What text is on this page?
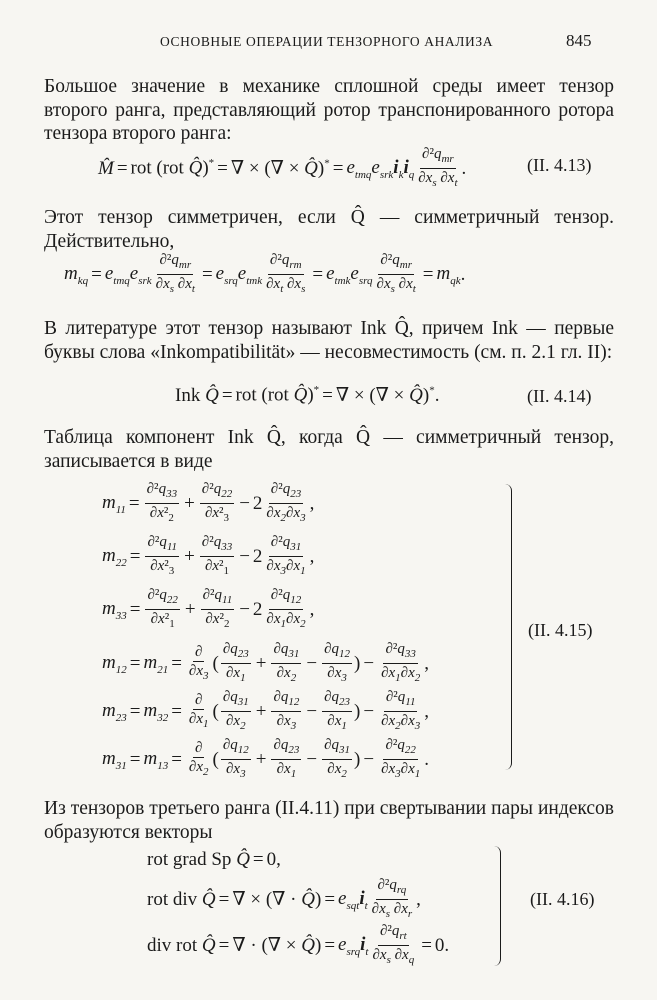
ОСНОВНЫЕ ОПЕРАЦИИ ТЕНЗОРНОГО АНАЛИЗА	845
Большое значение в механике сплошной среды имеет тензор второго ранга, представляющий ротор транспонированного ротора тензора второго ранга:
M̂ = rot (rot Q̂)* = ∇ × (∇ × Q̂)* = $e_{tmq}e_{srk}i_ki_q \frac{\partial^2q_{mr}}{\partial x_s \partial x_t}$ .	(II. 4.13)
Этот тензор симметричен, если Q̂ — симметричный тензор. Действительно,
$m_{kq} = e_{tmq}e_{srk} \frac{\partial^2q_{mr}}{\partial x_s \partial x_t} = e_{srq}e_{tmk} \frac{\partial^2q_{rm}}{\partial x_t \partial x_s} = e_{tmk}e_{srq} \frac{\partial^2q_{mr}}{\partial x_s \partial x_t} = m_{qk}$ .
В литературе этот тензор называют Ink Q̂, причем Ink — первые буквы слова «Inkompatibilität» — несовместимость (см. п. 2.1 гл. II):
Ink Q̂ = rot (rot Q̂)* = ∇ × (∇ × Q̂)*.	(II. 4.14)
Таблица компонент Ink Q̂, когда Q̂ — симметричный тензор, записывается в виде
$m_{11} = \frac{\partial^2q_{33}}{\partial x^2_2} + \frac{\partial^2q_{22}}{\partial x^2_3} - 2 \frac{\partial^2q_{23}}{\partial x_2\partial x_3}$ ,
$m_{22} = \frac{\partial^2q_{11}}{\partial x^2_3} + \frac{\partial^2q_{33}}{\partial x^2_1} - 2 \frac{\partial^2q_{31}}{\partial x_3\partial x_1}$ ,
$m_{33} = \frac{\partial^2q_{22}}{\partial x^2_1} + \frac{\partial^2q_{11}}{\partial x^2_2} - 2 \frac{\partial^2q_{12}}{\partial x_1\partial x_2}$ ,
$m_{12} = m_{21} = \frac{\partial}{\partial x_3}$ ( $\frac{\partial q_{23}}{\partial x_1} + \frac{\partial q_{31}}{\partial x_2} - \frac{\partial q_{12}}{\partial x_3}$ ) − $\frac{\partial^2q_{33}}{\partial x_1\partial x_2}$ ,
$m_{23} = m_{32} = \frac{\partial}{\partial x_1}$ ( $\frac{\partial q_{31}}{\partial x_2} + \frac{\partial q_{12}}{\partial x_3} - \frac{\partial q_{23}}{\partial x_1}$ ) − $\frac{\partial^2q_{11}}{\partial x_2\partial x_3}$ ,
$m_{31} = m_{13} = \frac{\partial}{\partial x_2}$ ( $\frac{\partial q_{12}}{\partial x_3} + \frac{\partial q_{23}}{\partial x_1} - \frac{\partial q_{31}}{\partial x_2}$ ) − $\frac{\partial^2q_{22}}{\partial x_3\partial x_1}$ .
(II. 4.15)
Из тензоров третьего ранга (II.4.11) при свертывании пары индексов образуются векторы
rot grad Sp Q̂ = 0,
rot div Q̂ = ∇ × (∇ · Q̂) = $e_{sqt}i_t \frac{\partial^2q_{rq}}{\partial x_s \partial x_r}$ ,
div rot Q̂ = ∇ · (∇ × Q̂) = $e_{srq}i_t \frac{\partial^2q_{rt}}{\partial x_s \partial x_q} = 0$.
(II. 4.16)
